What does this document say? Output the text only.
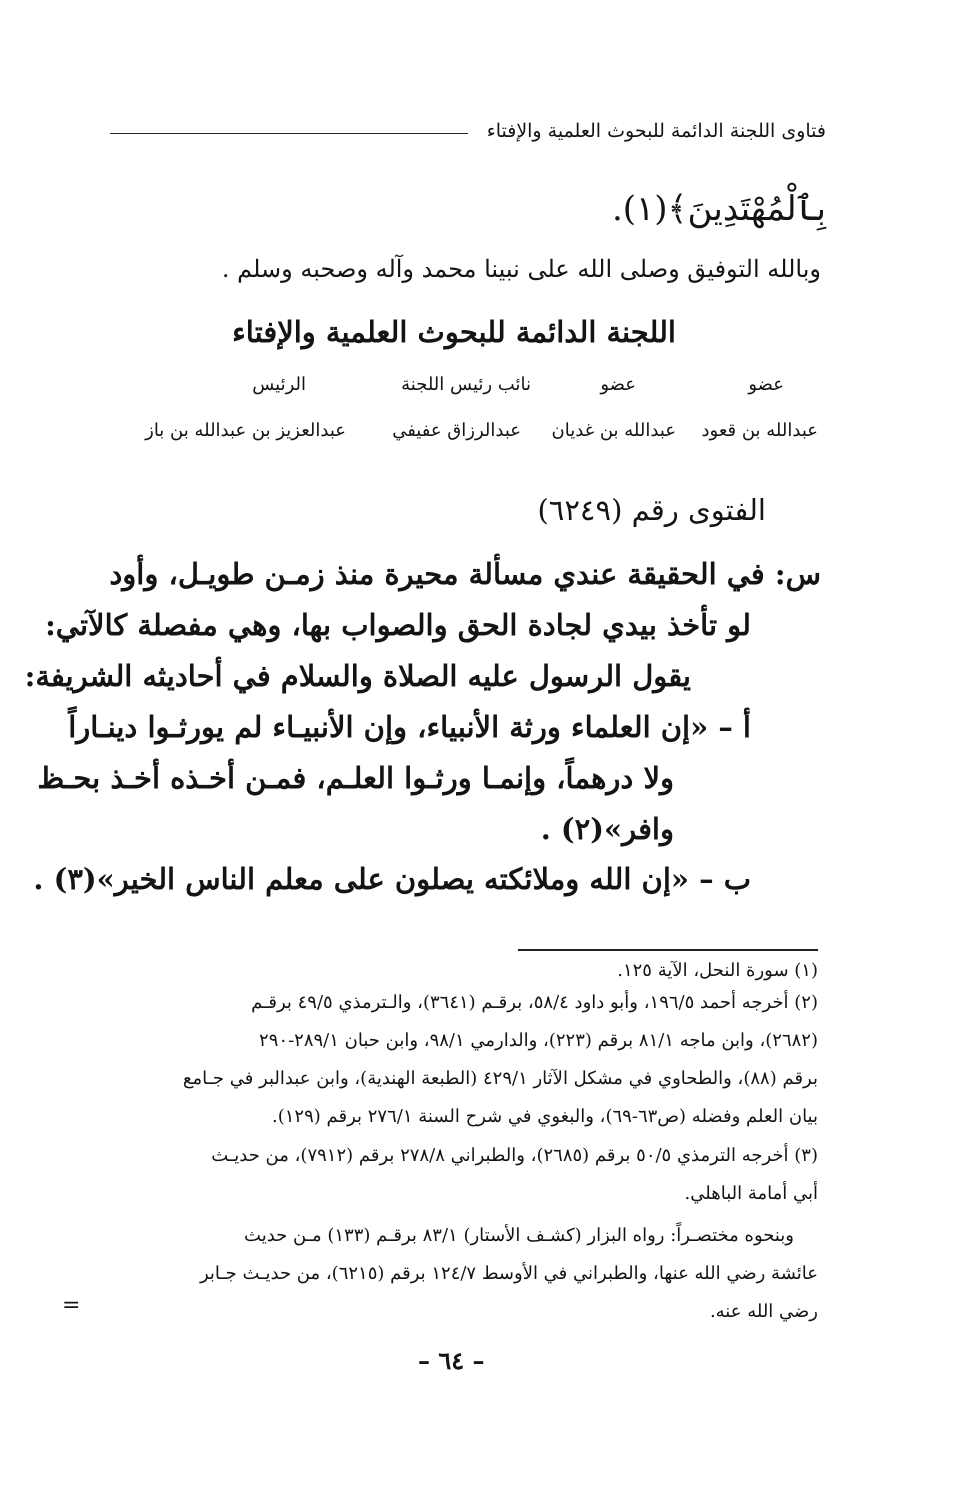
فتاوى اللجنة الدائمة للبحوث العلمية والإفتاء
بِٱلْمُهْتَدِينَ﴾(١).
وبالله التوفيق وصلى الله على نبينا محمد وآله وصحبه وسلم .
اللجنة الدائمة للبحوث العلمية والإفتاء
عضو
عضو
نائب رئيس اللجنة
الرئيس
عبدالله بن قعود
عبدالله بن غديان
عبدالرزاق عفيفي
عبدالعزيز بن عبدالله بن باز
الفتوى رقم (٦٢٤٩)
س: في الحقيقة عندي مسألة محيرة منذ زمـن طويـل، وأود
لو تأخذ بيدي لجادة الحق والصواب بها، وهي مفصلة كالآتي:
يقول الرسول عليه الصلاة والسلام في أحاديثه الشريفة:
أ – «إن العلماء ورثة الأنبياء، وإن الأنبيـاء لم يورثـوا دينـاراً
ولا درهماً، وإنمـا ورثـوا العلـم، فمـن أخـذه أخـذ بحـظ
وافر»(٢) .
ب – «إن الله وملائكته يصلون على معلم الناس الخير»(٣) .
(١) سورة النحل، الآية ١٢٥.
(٢) أخرجه أحمد ١٩٦/٥، وأبو داود ٥٨/٤، برقـم (٣٦٤١)، والـترمذي ٤٩/٥ برقـم
(٢٦٨٢)، وابن ماجه ٨١/١ برقم (٢٢٣)، والدارمي ٩٨/١، وابن حبان ٢٨٩/١-٢٩٠
برقم (٨٨)، والطحاوي في مشكل الآثار ٤٢٩/١ (الطبعة الهندية)، وابن عبدالبر في جـامع
بيان العلم وفضله (ص٦٣-٦٩)، والبغوي في شرح السنة ٢٧٦/١ برقم (١٢٩).
(٣) أخرجه الترمذي ٥٠/٥ برقم (٢٦٨٥)، والطبراني ٢٧٨/٨ برقم (٧٩١٢)، من حديـث
أبي أمامة الباهلي.
وبنحوه مختصـراً: رواه البزار (كشـف الأستار) ٨٣/١ برقـم (١٣٣) مـن حديث
عائشة رضي الله عنها، والطبراني في الأوسط ١٢٤/٧ برقم (٦٢١٥)، من حديـث جـابر
رضي الله عنه.
=
– ٦٤ –
